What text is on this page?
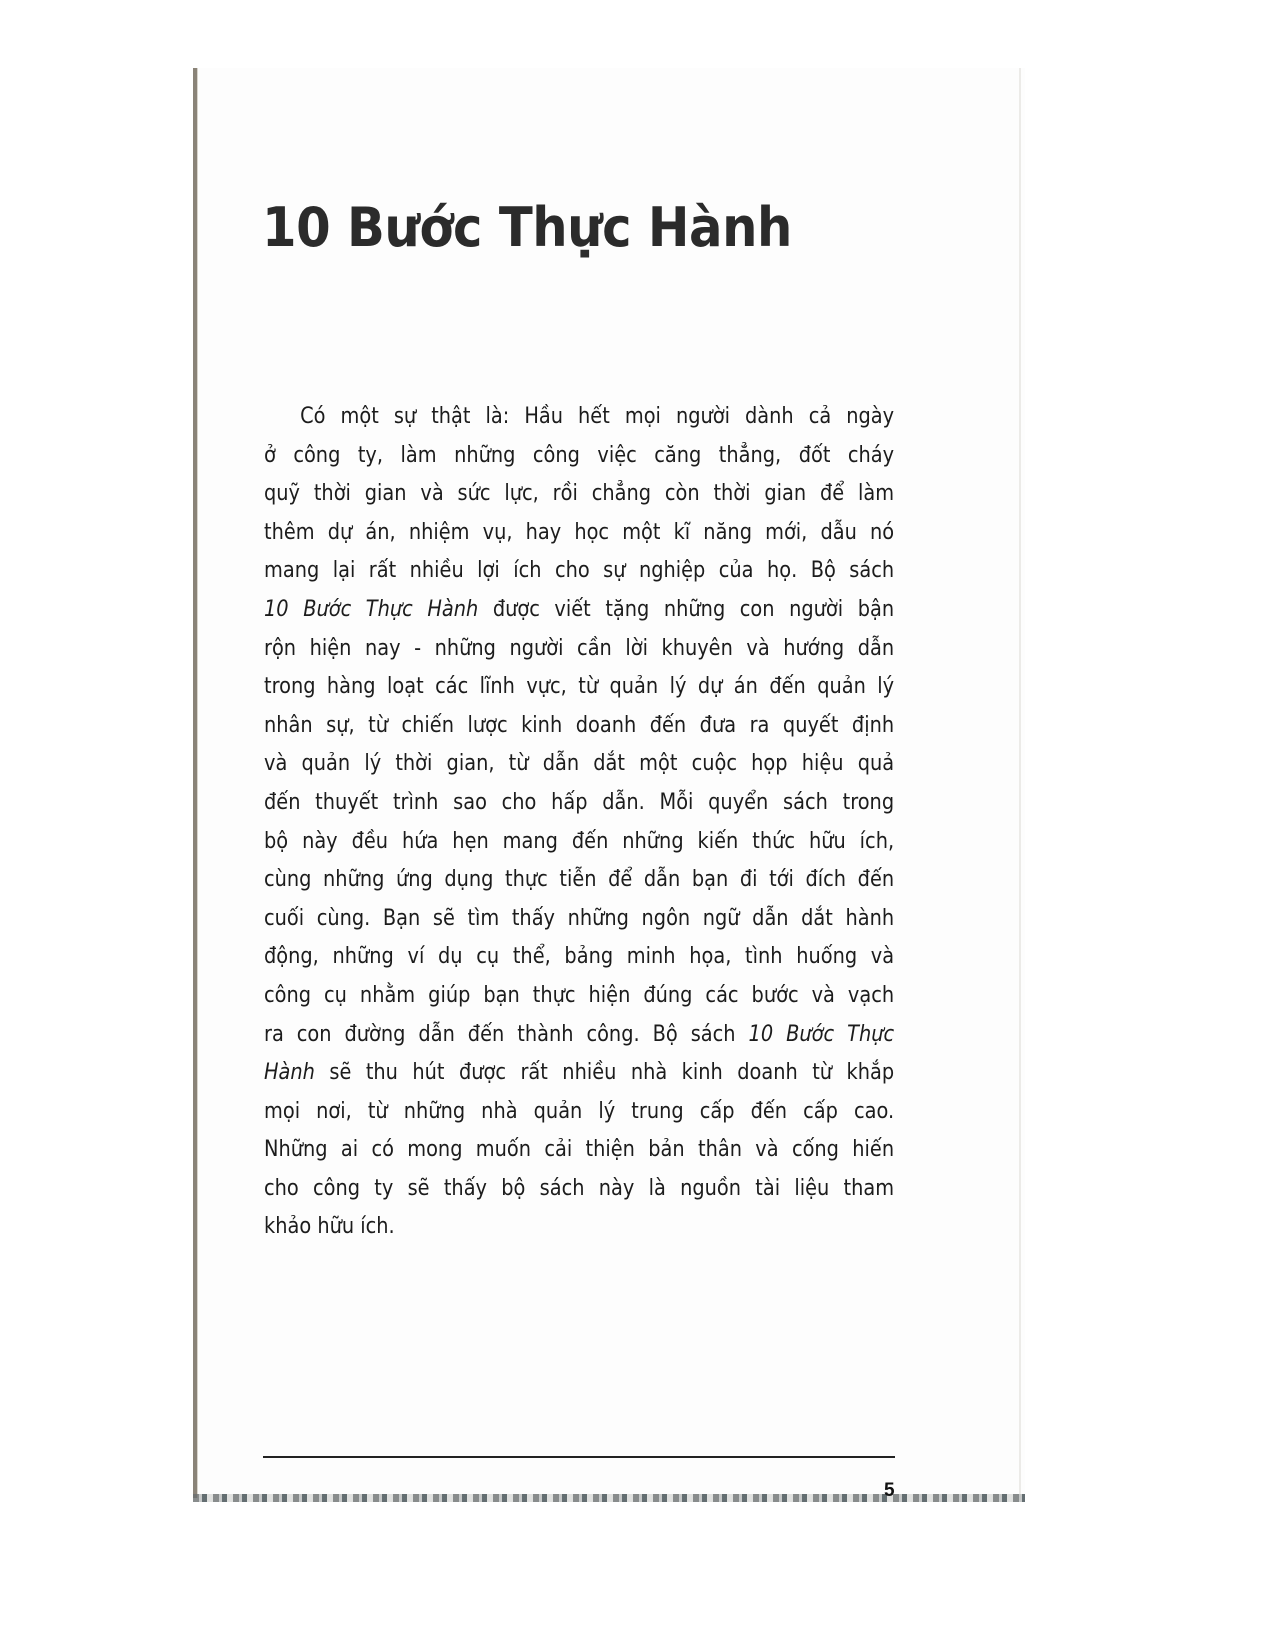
10 Bước Thực Hành
Có một sự thật là: Hầu hết mọi người dành cả ngày
ở công ty, làm những công việc căng thẳng, đốt cháy
quỹ thời gian và sức lực, rồi chẳng còn thời gian để làm
thêm dự án, nhiệm vụ, hay học một kĩ năng mới, dẫu nó
mang lại rất nhiều lợi ích cho sự nghiệp của họ. Bộ sách
10 Bước Thực Hành được viết tặng những con người bận
rộn hiện nay - những người cần lời khuyên và hướng dẫn
trong hàng loạt các lĩnh vực, từ quản lý dự án đến quản lý
nhân sự, từ chiến lược kinh doanh đến đưa ra quyết định
và quản lý thời gian, từ dẫn dắt một cuộc họp hiệu quả
đến thuyết trình sao cho hấp dẫn. Mỗi quyển sách trong
bộ này đều hứa hẹn mang đến những kiến thức hữu ích,
cùng những ứng dụng thực tiễn để dẫn bạn đi tới đích đến
cuối cùng. Bạn sẽ tìm thấy những ngôn ngữ dẫn dắt hành
động, những ví dụ cụ thể, bảng minh họa, tình huống và
công cụ nhằm giúp bạn thực hiện đúng các bước và vạch
ra con đường dẫn đến thành công. Bộ sách 10 Bước Thực
Hành sẽ thu hút được rất nhiều nhà kinh doanh từ khắp
mọi nơi, từ những nhà quản lý trung cấp đến cấp cao.
Những ai có mong muốn cải thiện bản thân và cống hiến
cho công ty sẽ thấy bộ sách này là nguồn tài liệu tham
khảo hữu ích.
5
